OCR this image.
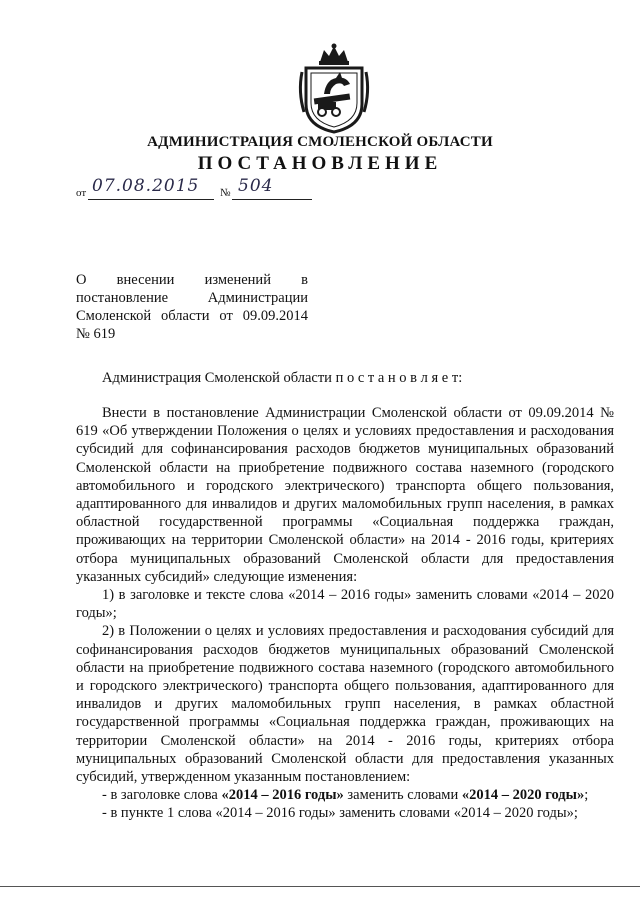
АДМИНИСТРАЦИЯ СМОЛЕНСКОЙ ОБЛАСТИ
ПОСТАНОВЛЕНИЕ
от 07.08.2015 № 504
О внесении изменений в
постановление Администрации
Смоленской области от 09.09.2014
№ 619
Администрация Смоленской области п о с т а н о в л я е т:
Внести в постановление Администрации Смоленской области от 09.09.2014 № 619 «Об утверждении Положения о целях и условиях предоставления и расходования субсидий для софинансирования расходов бюджетов муниципальных образований Смоленской области на приобретение подвижного состава наземного (городского автомобильного и городского электрического) транспорта общего пользования, адаптированного для инвалидов и других маломобильных групп населения, в рамках областной государственной программы «Социальная поддержка граждан, проживающих на территории Смоленской области» на 2014 - 2016 годы, критериях отбора муниципальных образований Смоленской области для предоставления указанных субсидий» следующие изменения:
1) в заголовке и тексте слова «2014 – 2016 годы» заменить словами «2014 – 2020 годы»;
2) в Положении о целях и условиях предоставления и расходования субсидий для софинансирования расходов бюджетов муниципальных образований Смоленской области на приобретение подвижного состава наземного (городского автомобильного и городского электрического) транспорта общего пользования, адаптированного для инвалидов и других маломобильных групп населения, в рамках областной государственной программы «Социальная поддержка граждан, проживающих на территории Смоленской области» на 2014 - 2016 годы, критериях отбора муниципальных образований Смоленской области для предоставления указанных субсидий, утвержденном указанным постановлением:
- в заголовке слова «2014 – 2016 годы» заменить словами «2014 – 2020 годы»;
- в пункте 1 слова «2014 – 2016 годы» заменить словами «2014 – 2020 годы»;
